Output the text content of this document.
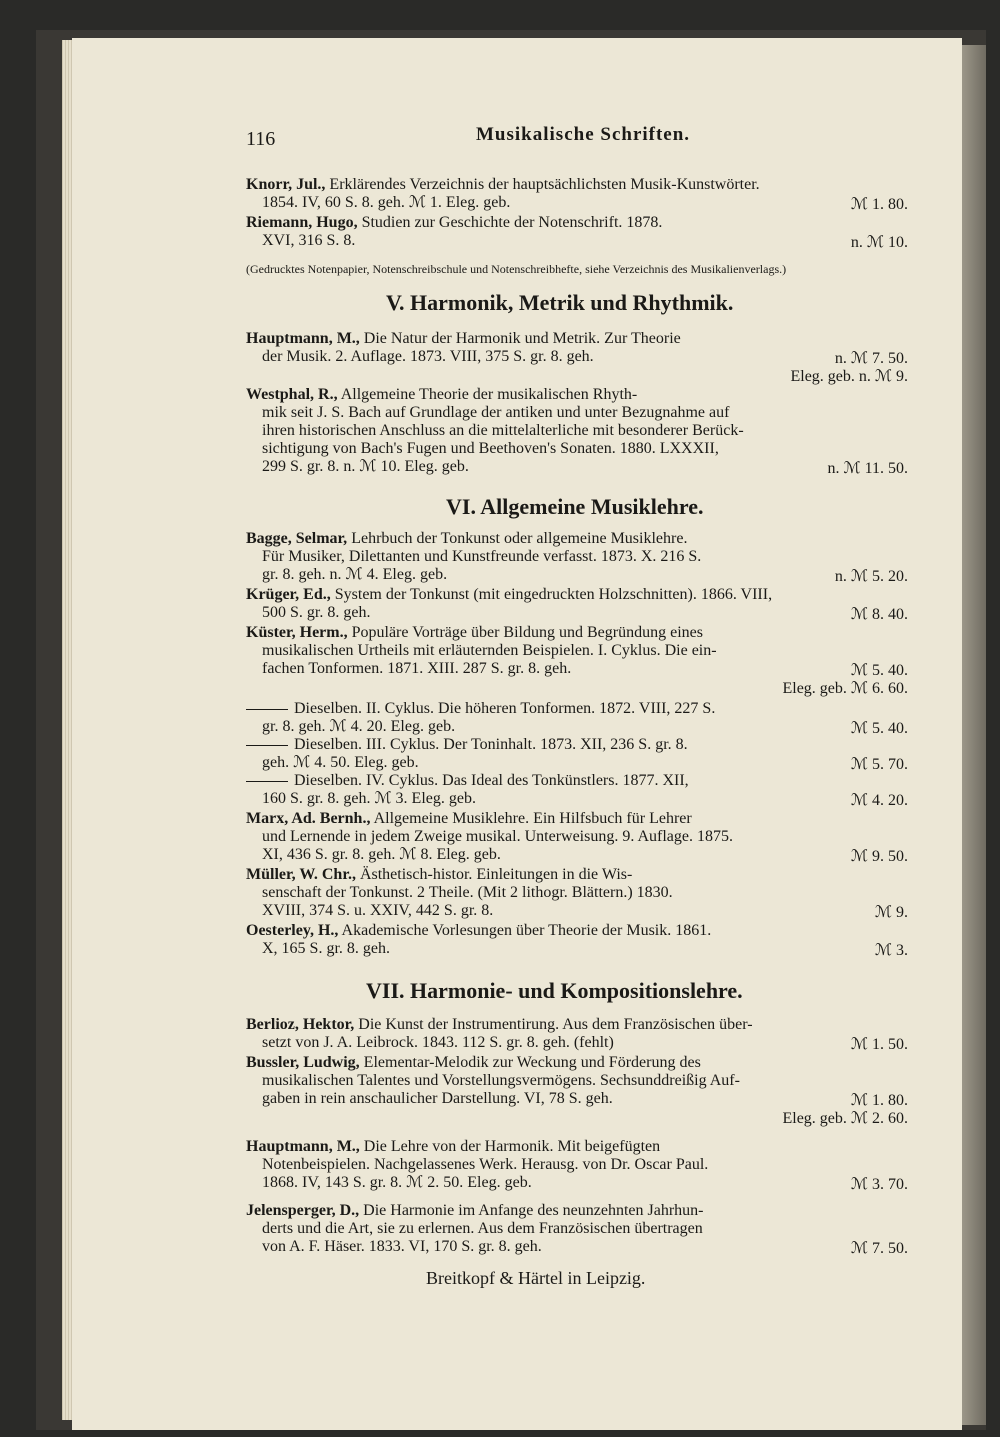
116	Musikalische Schriften.
Breitkopf & Härtel in Leipzig.
Knorr, Jul., Erklärendes Verzeichnis der hauptsächlichsten Musik-Kunstwörter.
1854. IV, 60 S. 8. geh. ℳ 1. Eleg. geb.	ℳ 1. 80.
Riemann, Hugo, Studien zur Geschichte der Notenschrift. 1878.
XVI, 316 S. 8.	n. ℳ 10.
(Gedrucktes Notenpapier, Notenschreibschule und Notenschreibhefte, siehe Verzeichnis des Musikalienverlags.)
Hauptmann, M., Die Natur der Harmonik und Metrik. Zur Theorie
der Musik. 2. Auflage. 1873. VIII, 375 S. gr. 8. geh.	n. ℳ 7. 50.
Eleg. geb. n. ℳ 9.
Westphal, R., Allgemeine Theorie der musikalischen Rhyth-
mik seit J. S. Bach auf Grundlage der antiken und unter Bezugnahme auf
ihren historischen Anschluss an die mittelalterliche mit besonderer Berück-
sichtigung von Bach's Fugen und Beethoven's Sonaten. 1880. LXXXII,
299 S. gr. 8. n. ℳ 10. Eleg. geb.	n. ℳ 11. 50.
Bagge, Selmar, Lehrbuch der Tonkunst oder allgemeine Musiklehre.
Für Musiker, Dilettanten und Kunstfreunde verfasst. 1873. X. 216 S.
gr. 8. geh. n. ℳ 4. Eleg. geb.	n. ℳ 5. 20.
Krüger, Ed., System der Tonkunst (mit eingedruckten Holzschnitten). 1866. VIII,
500 S. gr. 8. geh.	ℳ 8. 40.
Küster, Herm., Populäre Vorträge über Bildung und Begründung eines
musikalischen Urtheils mit erläuternden Beispielen. I. Cyklus. Die ein-
fachen Tonformen. 1871. XIII. 287 S. gr. 8. geh.	ℳ 5. 40.
Eleg. geb. ℳ 6. 60.
Dieselben. II. Cyklus. Die höheren Tonformen. 1872. VIII, 227 S.
gr. 8. geh. ℳ 4. 20. Eleg. geb.	ℳ 5. 40.
Dieselben. III. Cyklus. Der Toninhalt. 1873. XII, 236 S. gr. 8.
geh. ℳ 4. 50. Eleg. geb.	ℳ 5. 70.
Dieselben. IV. Cyklus. Das Ideal des Tonkünstlers. 1877. XII,
160 S. gr. 8. geh. ℳ 3. Eleg. geb.	ℳ 4. 20.
Marx, Ad. Bernh., Allgemeine Musiklehre. Ein Hilfsbuch für Lehrer
und Lernende in jedem Zweige musikal. Unterweisung. 9. Auflage. 1875.
XI, 436 S. gr. 8. geh. ℳ 8. Eleg. geb.	ℳ 9. 50.
Müller, W. Chr., Ästhetisch-histor. Einleitungen in die Wis-
senschaft der Tonkunst. 2 Theile. (Mit 2 lithogr. Blättern.) 1830.
XVIII, 374 S. u. XXIV, 442 S. gr. 8.	ℳ 9.
Oesterley, H., Akademische Vorlesungen über Theorie der Musik. 1861.
X, 165 S. gr. 8. geh.	ℳ 3.
Berlioz, Hektor, Die Kunst der Instrumentirung. Aus dem Französischen über-
setzt von J. A. Leibrock. 1843. 112 S. gr. 8. geh. (fehlt)	ℳ 1. 50.
Bussler, Ludwig, Elementar-Melodik zur Weckung und Förderung des
musikalischen Talentes und Vorstellungsvermögens. Sechsunddreißig Auf-
gaben in rein anschaulicher Darstellung. VI, 78 S. geh.	ℳ 1. 80.
Eleg. geb. ℳ 2. 60.
Hauptmann, M., Die Lehre von der Harmonik. Mit beigefügten
Notenbeispielen. Nachgelassenes Werk. Herausg. von Dr. Oscar Paul.
1868. IV, 143 S. gr. 8. ℳ 2. 50. Eleg. geb.	ℳ 3. 70.
Jelensperger, D., Die Harmonie im Anfange des neunzehnten Jahrhun-
derts und die Art, sie zu erlernen. Aus dem Französischen übertragen
von A. F. Häser. 1833. VI, 170 S. gr. 8. geh.	ℳ 7. 50.
V. Harmonik, Metrik und Rhythmik.
VI. Allgemeine Musiklehre.
VII. Harmonie- und Kompositionslehre.
